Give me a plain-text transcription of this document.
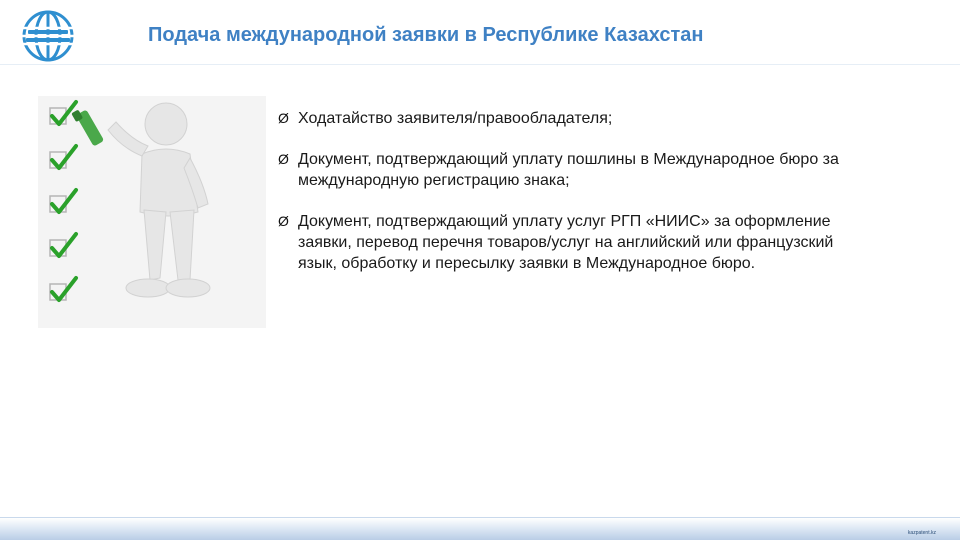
Подача международной заявки в Республике Казахстан
Ø Ходатайство заявителя/правообладателя;
Ø Документ, подтверждающий уплату пошлины в Международное бюро за международную регистрацию знака;
Ø Документ, подтверждающий уплату услуг РГП «НИИС» за оформление заявки, перевод перечня товаров/услуг на английский или французский язык, обработку и пересылку заявки в Международное бюро.
kazpatent.kz
